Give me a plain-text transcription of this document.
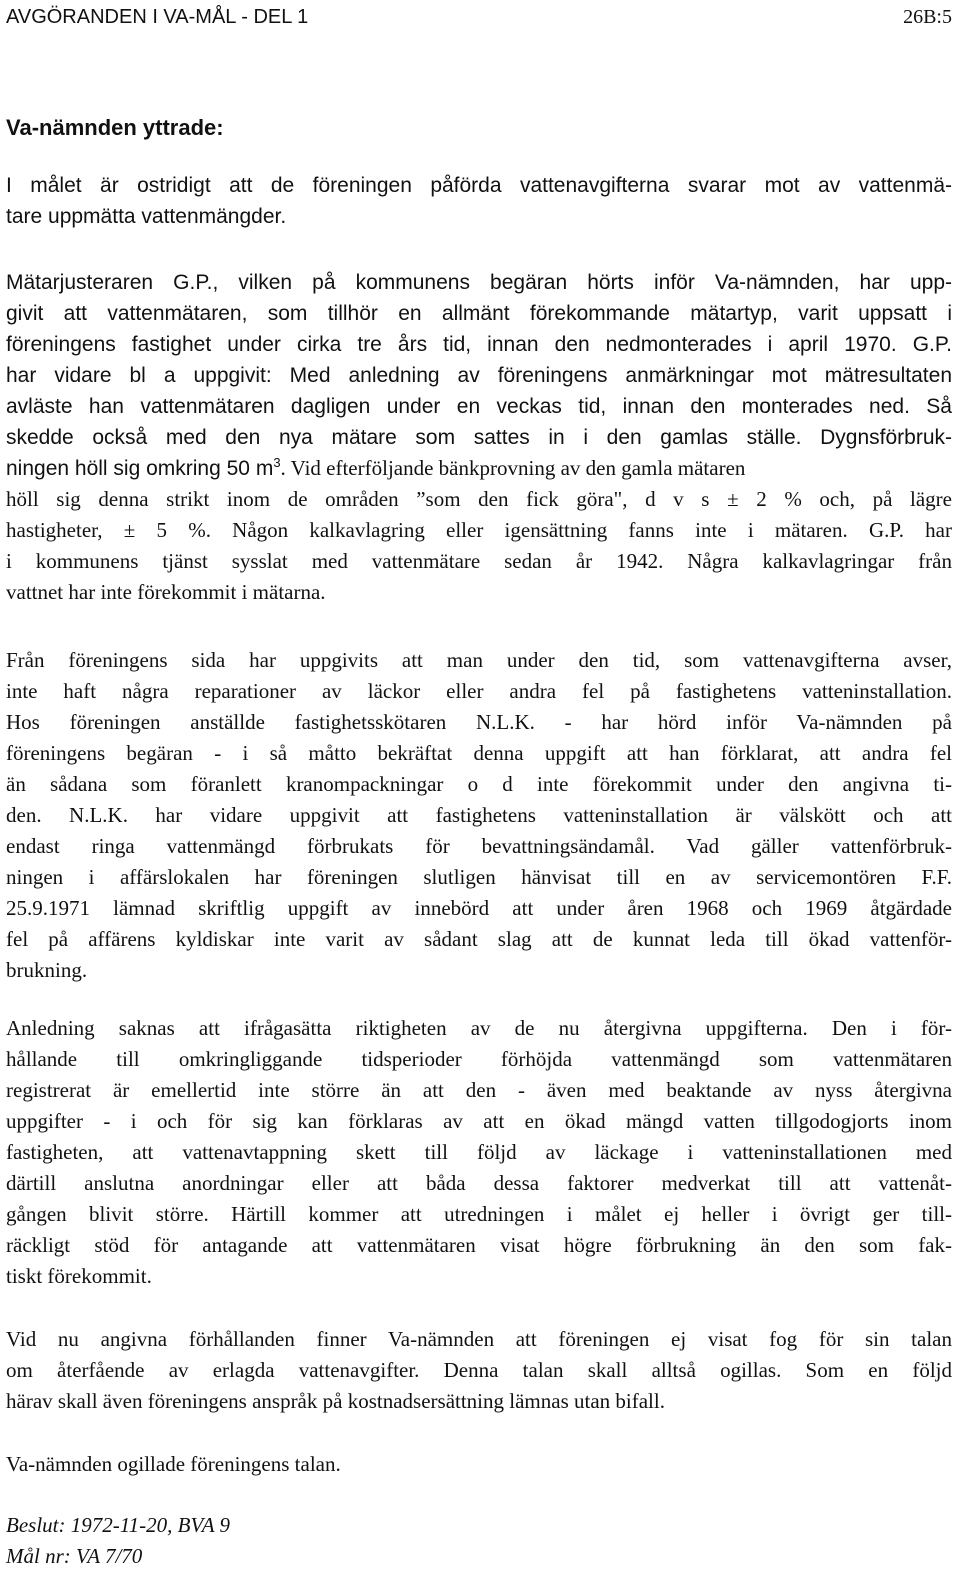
AVGÖRANDEN I VA-MÅL - DEL 1	26B:5
Va-nämnden yttrade:
I målet är ostridigt att de föreningen påförda vattenavgifterna svarar mot av vattenmä-
tare uppmätta vattenmängder.
Mätarjusteraren G.P., vilken på kommunens begäran hörts inför Va-nämnden, har upp-
givit att vattenmätaren, som tillhör en allmänt förekommande mätartyp, varit uppsatt i
föreningens fastighet under cirka tre års tid, innan den nedmonterades i april 1970. G.P.
har vidare bl a uppgivit: Med anledning av föreningens anmärkningar mot mätresultaten
avläste han vattenmätaren dagligen under en veckas tid, innan den monterades ned. Så
skedde också med den nya mätare som sattes in i den gamlas ställe. Dygnsförbruk-
ningen höll sig omkring 50 $m^3$. Vid efterföljande bänkprovning av den gamla mätaren
höll sig denna strikt inom de områden ”som den fick göra", d v s ± 2 % och, på lägre
hastigheter, ± 5 %. Någon kalkavlagring eller igensättning fanns inte i mätaren. G.P. har
i kommunens tjänst sysslat med vattenmätare sedan år 1942. Några kalkavlagringar från
vattnet har inte förekommit i mätarna.
Från föreningens sida har uppgivits att man under den tid, som vattenavgifterna avser,
inte haft några reparationer av läckor eller andra fel på fastighetens vatteninstallation.
Hos föreningen anställde fastighetsskötaren N.L.K. - har hörd inför Va-nämnden på
föreningens begäran - i så måtto bekräftat denna uppgift att han förklarat, att andra fel
än sådana som föranlett kranompackningar o d inte förekommit under den angivna ti-
den. N.L.K. har vidare uppgivit att fastighetens vatteninstallation är välskött och att
endast ringa vattenmängd förbrukats för bevattningsändamål. Vad gäller vattenförbruk-
ningen i affärslokalen har föreningen slutligen hänvisat till en av servicemontören F.F.
25.9.1971 lämnad skriftlig uppgift av innebörd att under åren 1968 och 1969 åtgärdade
fel på affärens kyldiskar inte varit av sådant slag att de kunnat leda till ökad vattenför-
brukning.
Anledning saknas att ifrågasätta riktigheten av de nu återgivna uppgifterna. Den i för-
hållande till omkringliggande tidsperioder förhöjda vattenmängd som vattenmätaren
registrerat är emellertid inte större än att den - även med beaktande av nyss återgivna
uppgifter - i och för sig kan förklaras av att en ökad mängd vatten tillgodogjorts inom
fastigheten, att vattenavtappning skett till följd av läckage i vatteninstallationen med
därtill anslutna anordningar eller att båda dessa faktorer medverkat till att vattenåt-
gången blivit större. Härtill kommer att utredningen i målet ej heller i övrigt ger till-
räckligt stöd för antagande att vattenmätaren visat högre förbrukning än den som fak-
tiskt förekommit.
Vid nu angivna förhållanden finner Va-nämnden att föreningen ej visat fog för sin talan
om återfående av erlagda vattenavgifter. Denna talan skall alltså ogillas. Som en följd
härav skall även föreningens anspråk på kostnadsersättning lämnas utan bifall.
Va-nämnden ogillade föreningens talan.
Beslut: 1972-11-20, BVA 9
Mål nr: VA 7/70
